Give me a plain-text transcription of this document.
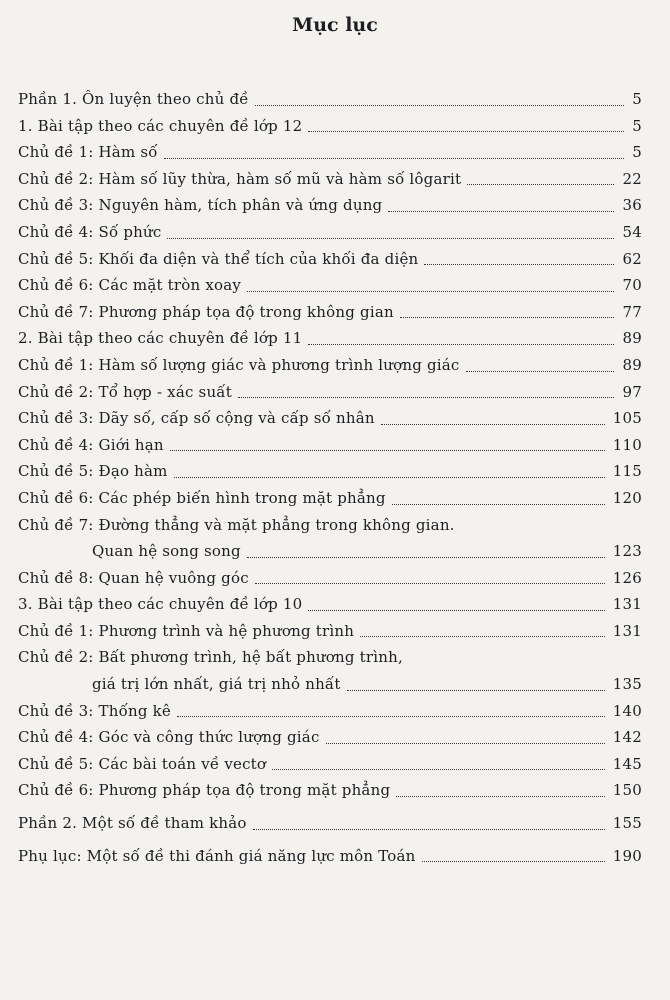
Mục lục
Phần 1. Ôn luyện theo chủ đề	5
1. Bài tập theo các chuyên đề lớp 12	5
Chủ đề 1: Hàm số	5
Chủ đề 2: Hàm số lũy thừa, hàm số mũ và hàm số lôgarit	22
Chủ đề 3: Nguyên hàm, tích phân và ứng dụng	36
Chủ đề 4: Số phức	54
Chủ đề 5: Khối đa diện và thể tích của khối đa diện	62
Chủ đề 6: Các mặt tròn xoay	70
Chủ đề 7: Phương pháp tọa độ trong không gian	77
2. Bài tập theo các chuyên đề lớp 11	89
Chủ đề 1: Hàm số lượng giác và phương trình lượng giác	89
Chủ đề 2: Tổ hợp - xác suất	97
Chủ đề 3: Dãy số, cấp số cộng và cấp số nhân	105
Chủ đề 4: Giới hạn	110
Chủ đề 5: Đạo hàm	115
Chủ đề 6: Các phép biến hình trong mặt phẳng	120
Chủ đề 7: Đường thẳng và mặt phẳng trong không gian.
Quan hệ song song	123
Chủ đề 8: Quan hệ vuông góc	126
3. Bài tập theo các chuyên đề lớp 10	131
Chủ đề 1: Phương trình và hệ phương trình	131
Chủ đề 2: Bất phương trình, hệ bất phương trình,
giá trị lớn nhất, giá trị nhỏ nhất	135
Chủ đề 3: Thống kê	140
Chủ đề 4: Góc và công thức lượng giác	142
Chủ đề 5: Các bài toán về vectơ	145
Chủ đề 6: Phương pháp tọa độ trong mặt phẳng	150
Phần 2. Một số đề tham khảo	155
Phụ lục: Một số đề thi đánh giá năng lực môn Toán	190
